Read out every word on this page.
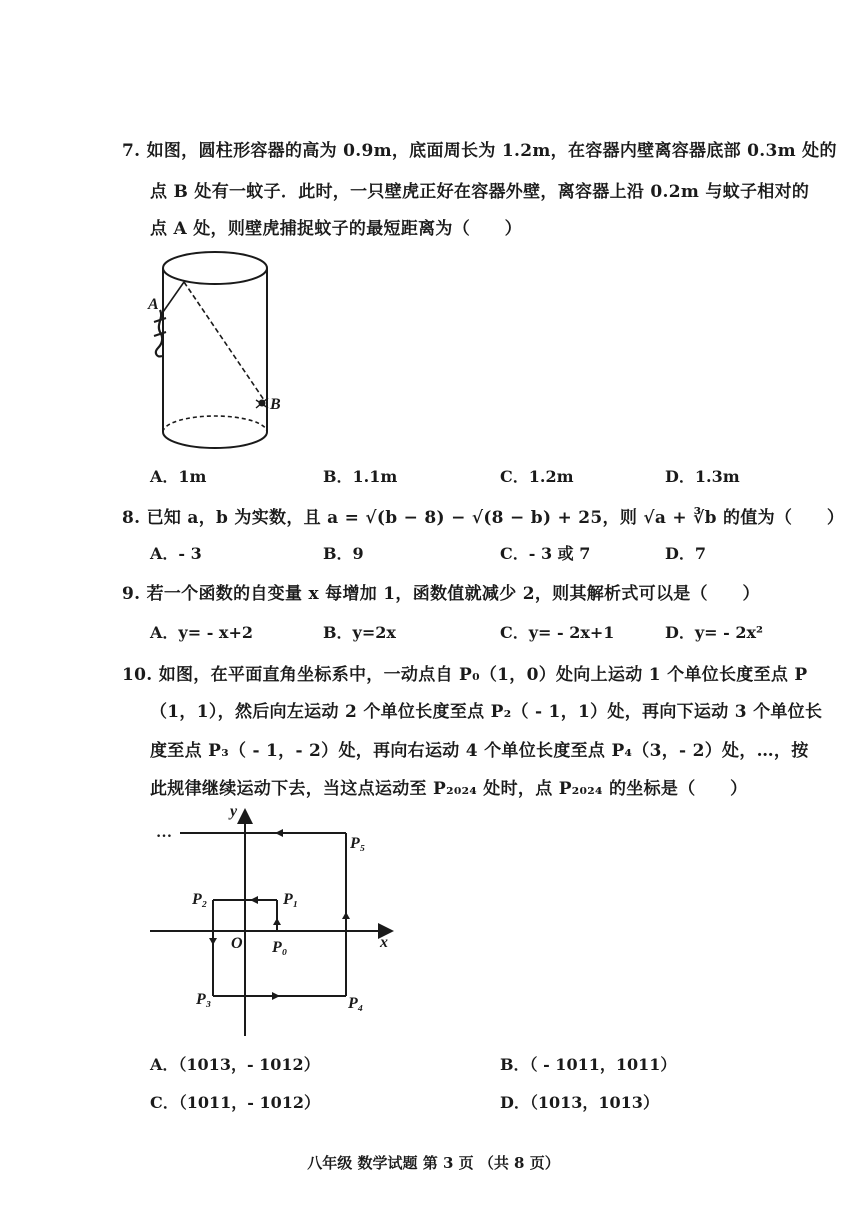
7. 如图，圆柱形容器的高为 0.9m，底面周长为 1.2m，在容器内壁离容器底部 0.3m 处的
点 B 处有一蚊子．此时，一只壁虎正好在容器外壁，离容器上沿 0.2m 与蚊子相对的
点 A 处，则壁虎捕捉蚊子的最短距离为（　　）
A
B
A．1m	B．1.1m	C．1.2m	D．1.3m
8. 已知 a，b 为实数，且 a = √(b − 8) − √(8 − b) + 25，则 √a + ∛b 的值为（　　）
A．- 3	B．9	C．- 3 或 7	D．7
9. 若一个函数的自变量 x 每增加 1，函数值就减少 2，则其解析式可以是（　　）
A．y= - x+2	B．y=2x	C．y= - 2x+1	D．y= - 2x²
10. 如图，在平面直角坐标系中，一动点自 P₀（1，0）处向上运动 1 个单位长度至点 P
（1，1），然后向左运动 2 个单位长度至点 P₂（ - 1，1）处，再向下运动 3 个单位长
度至点 P₃（ - 1，- 2）处，再向右运动 4 个单位长度至点 P₄（3，- 2）处，…，按
此规律继续运动下去，当这点运动至 P₂₀₂₄ 处时，点 P₂₀₂₄ 的坐标是（　　）
y
x
O P₀
P₁
P₂
P₃	P₄
P₅
…
A．（1013，- 1012）	B．（ - 1011，1011）
C．（1011，- 1012）	D．（1013，1013）
八年级 数学试题 第 3 页 （共 8 页）
